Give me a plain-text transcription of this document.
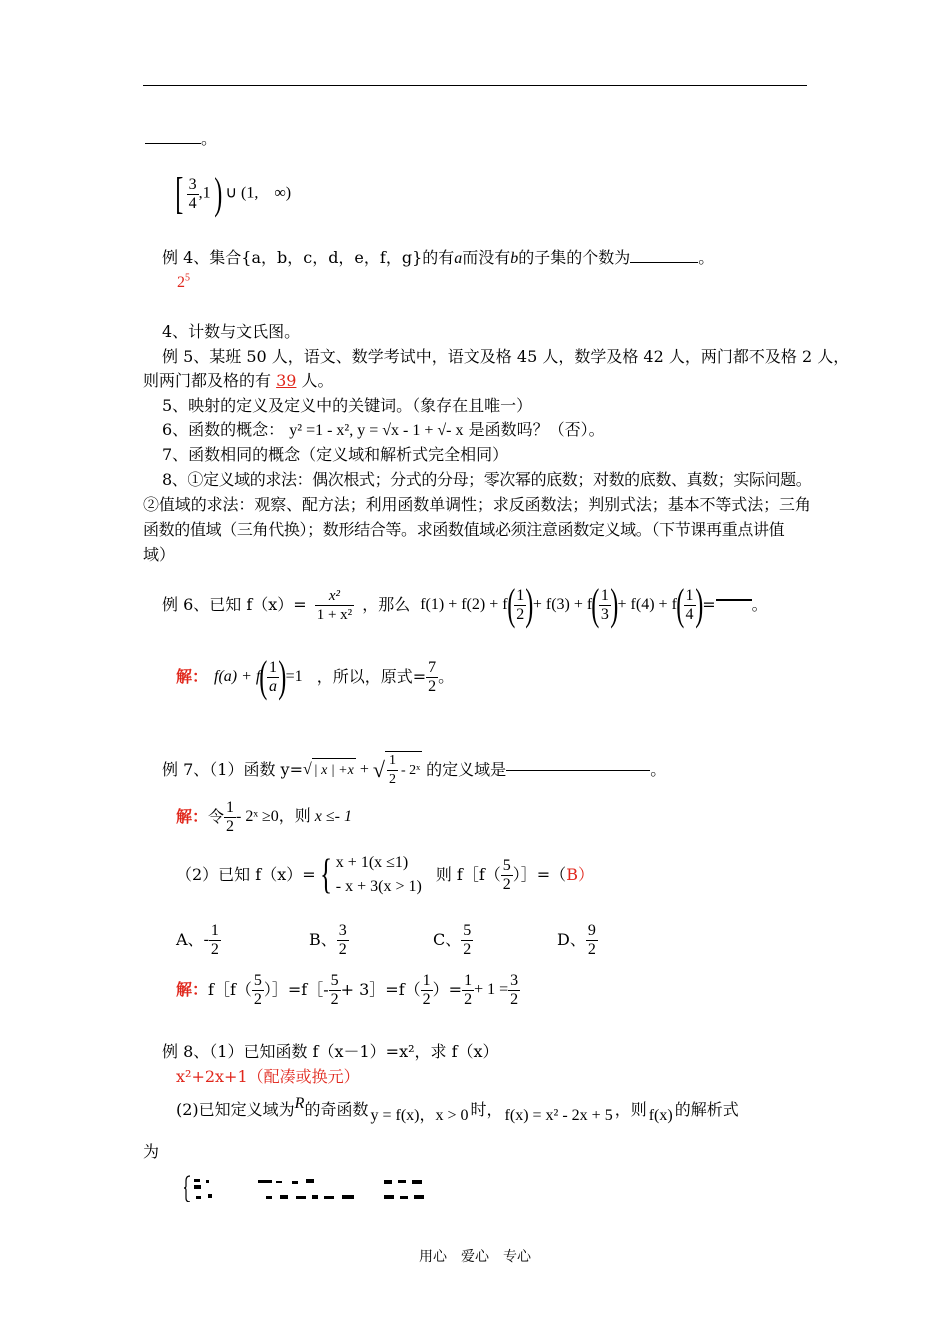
。
[ $\frac{3}{4} ,1$ ) ∪ (1,　∞)
例 4、集合{a，b，c，d，e，f，g}的有a而没有b的子集的个数为	。
$2^5$
4、计数与文氏图。
例 5、某班 50 人，语文、数学考试中，语文及格 45 人，数学及格 42 人，两门都不及格 2 人，
则两门都及格的有 39 人。
5、映射的定义及定义中的关键词。（象存在且唯一）
6、函数的概念： y² =1 - x², y = √x - 1 + √- x 是函数吗？（否）。
7、函数相同的概念（定义域和解析式完全相同）
8、①定义域的求法：偶次根式；分式的分母；零次幂的底数；对数的底数、真数；实际问题。
②值域的求法：观察、配方法；利用函数单调性；求反函数法；判别式法；基本不等式法；三角
函数的值域（三角代换）；数形结合等。求函数值域必须注意函数定义域。（下节课再重点讲值
域）
例 6、已知 $f(x)= \frac{\text{x²}}{\text{1 + x²}}$ ，那么 f(1) + f(2) + f ( $\frac{1}{2}$ ) + f(3) + f ( $\frac{1}{3}$ ) + f(4) + f ( $\frac{1}{4}$ ) = 。
解： f(a) + f ( $\frac{1}{a}$ ) =1 ，所以，原式= $\frac{7}{2}$ 。
例 7、（1）函数 y= √ | x | +x + √ $\frac{1}{2}$ - 2ˣ 的定义域是	。
解： 令 $\frac{1}{2}$ - 2ˣ ≥0，则 x ≤- 1
（2）已知 f（x）= { x + 1(x ≤1)
- x + 3(x > 1)
则 f［f（ $\frac{5}{2}$ ）］=（ B ）
A、 - $\frac{1}{2}$	B、 $\frac{3}{2}$	C、 $\frac{5}{2}$	D、 $\frac{9}{2}$
解： f［f（ $\frac{5}{2}$ ）］=f［- $\frac{5}{2}$ + 3］=f（ $\frac{1}{2}$ ）= $\frac{1}{2} + 1 = \frac{3}{2}$
例 8、（1）已知函数 f（x－1）=x²，求 f（x）
x²+2x+1（配凑或换元）
(2)已知定义域为 R 的奇函数 y = f(x)，x > 0 时， f(x) = x² - 2x + 5 ，则 f(x) 的解析式
为
用心　爱心　专心
